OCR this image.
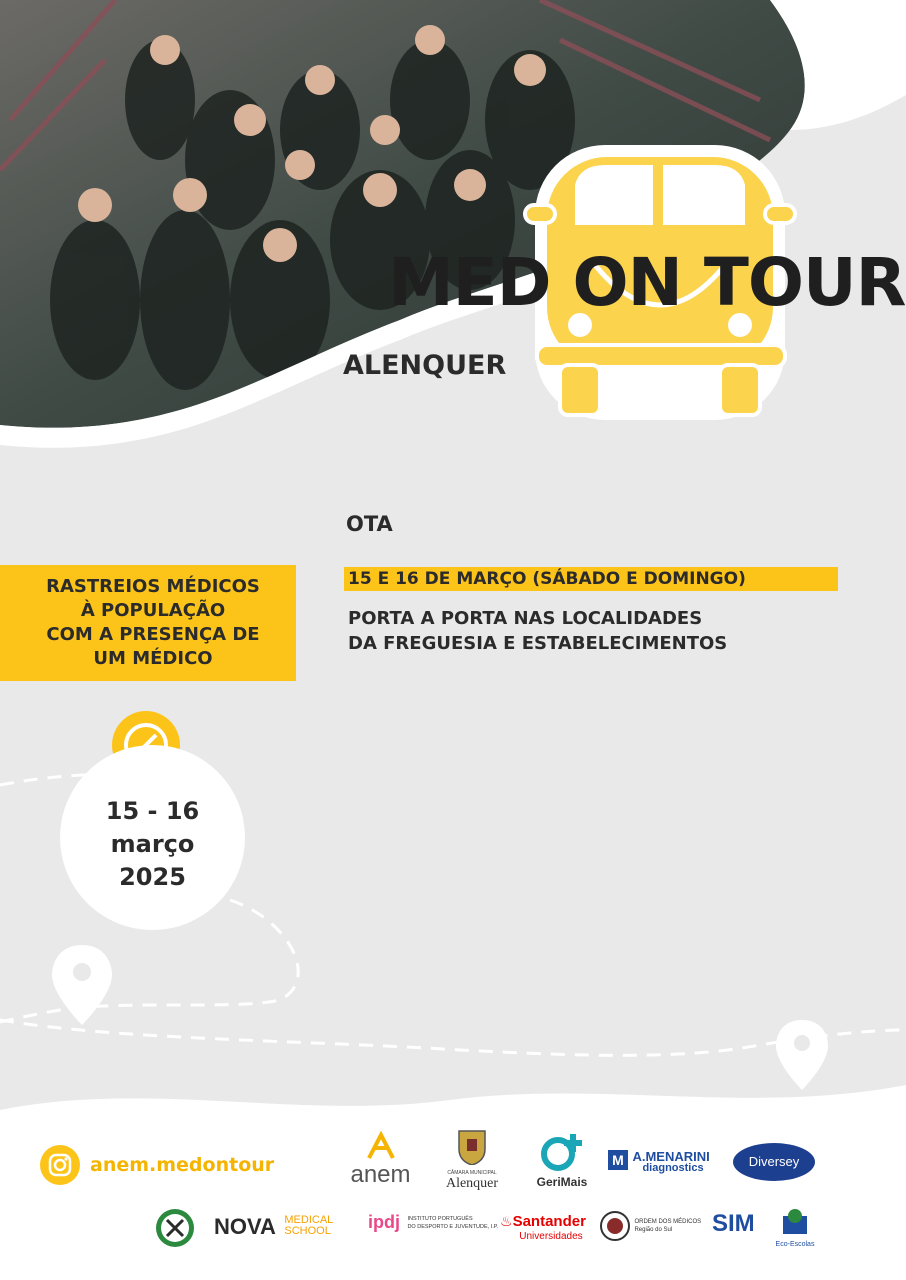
MED ON TOUR
ALENQUER
OTA
15 E 16 DE MARÇO (SÁBADO E DOMINGO)
PORTA A PORTA NAS LOCALIDADES
DA FREGUESIA E ESTABELECIMENTOS
RASTREIOS MÉDICOS
À POPULAÇÃO
COM A PRESENÇA DE
UM MÉDICO
15 - 16
março
2025
anem.medontour	anem	CÂMARA MUNICIPAL
Alenquer	GeriMais
M A.MENARINI
diagnostics	Diversey
NOVA MEDICAL
SCHOOL ipdj INSTITUTO PORTUGUÊS
DO DESPORTO E JUVENTUDE, I.P. ♨Santander
Universidades

ORDEM DOS MÉDICOS
Região do Sul	SIM
Eco-Escolas
